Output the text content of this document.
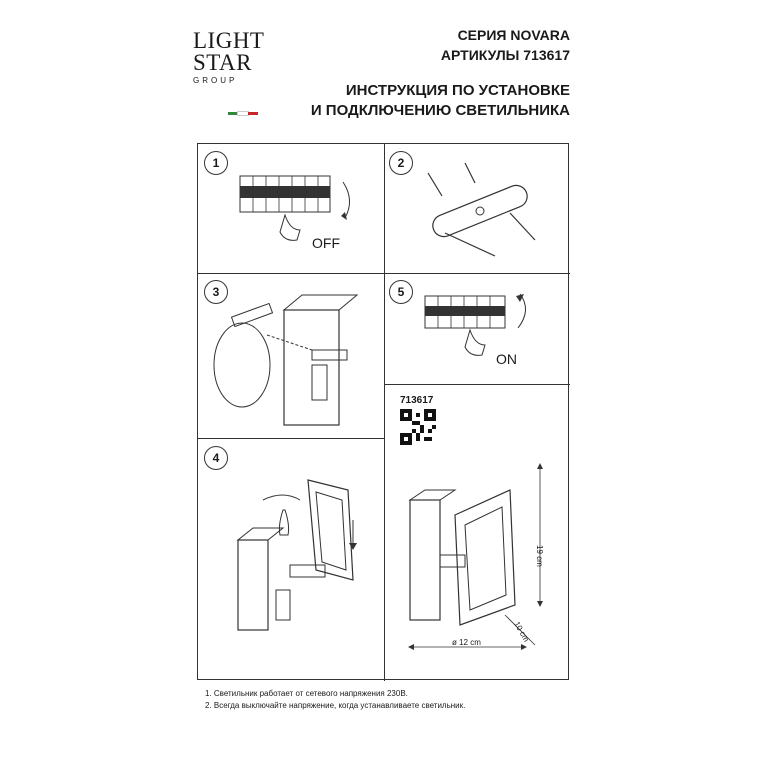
LIGHT
STAR
GROUP
СЕРИЯ NOVARA
АРТИКУЛЫ 713617
ИНСТРУКЦИЯ ПО УСТАНОВКЕ
И ПОДКЛЮЧЕНИЮ СВЕТИЛЬНИКА
1	2
3	5
4
OFF
ON
713617
19 cm
10 cm
ø 12 cm
1. Светильник работает от сетевого напряжения 230В.
2. Всегда выключайте напряжение, когда устанавливаете светильник.
